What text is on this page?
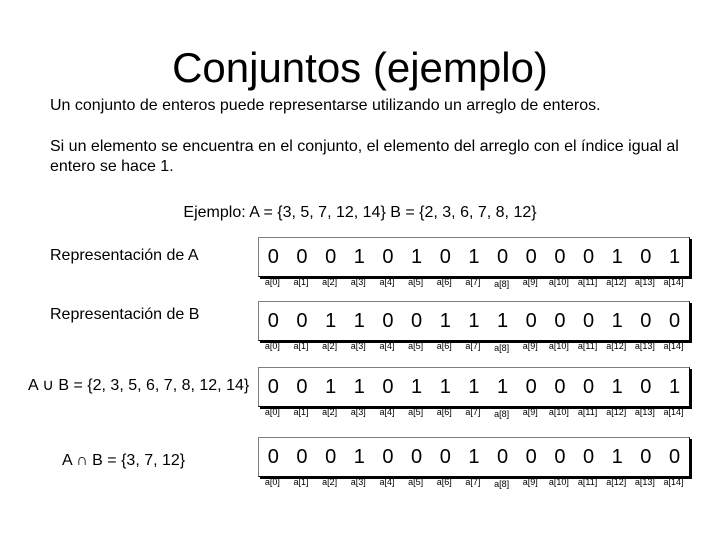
Conjuntos (ejemplo)
Un conjunto de enteros puede representarse utilizando un arreglo de enteros.
Si un elemento se encuentra en el conjunto, el elemento del arreglo con el índice igual al entero se hace 1.
Ejemplo: A = {3, 5, 7, 12, 14} B = {2, 3, 6, 7, 8, 12}
Representación de A	0 0 0 1 0 1 0 1 0 0 0 0 1 0 1
a[0]	a[1]	a[2]	a[3]	a[4]	a[5]	a[6]	a[7]	a[8]	a[9]	a[10] a[11] a[12] a[13] a[14]
Representación de B	0 0 1 1 0 0 1 1 1 0 0 0 1 0 0
a[0]	a[1]	a[2]	a[3]	a[4]	a[5]	a[6]	a[7]	a[8]	a[9]	a[10] a[11] a[12] a[13] a[14]
A ∪ B = {2, 3, 5, 6, 7, 8, 12, 14} 0 0 1 1 0 1 1 1 1 0 0 0 1 0 1
a[0]	a[1]	a[2]	a[3]	a[4]	a[5]	a[6]	a[7]	a[8]	a[9]	a[10] a[11] a[12] a[13] a[14]
A ∩ B = {3, 7, 12}	0 0 0 1 0 0 0 1 0 0 0 0 1 0 0
a[0]	a[1]	a[2]	a[3]	a[4]	a[5]	a[6]	a[7]	a[8]	a[9]	a[10] a[11] a[12] a[13] a[14]
